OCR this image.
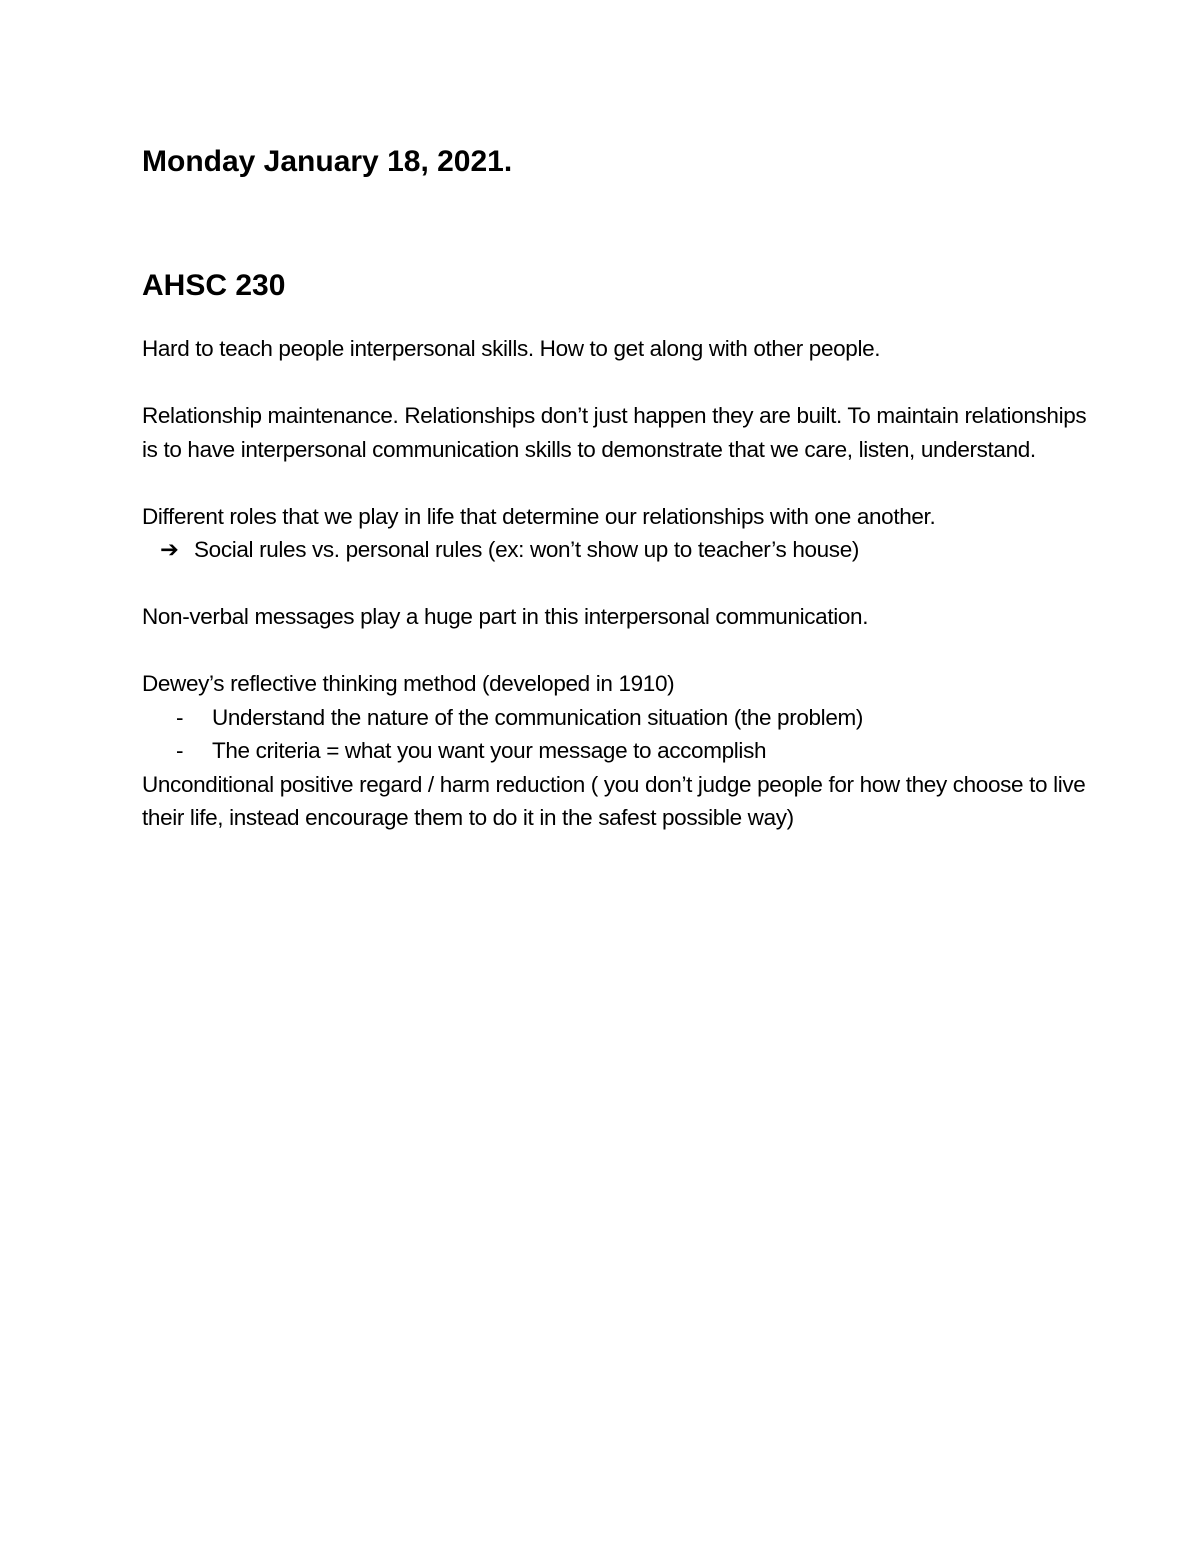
Monday January 18, 2021.
AHSC 230

Hard to teach people interpersonal skills. How to get along with other people.

Relationship maintenance. Relationships don’t just happen they are built. To maintain relationships is to have interpersonal communication skills to demonstrate that we care, listen, understand.

Different roles that we play in life that determine our relationships with one another.

➔ Social rules vs. personal rules (ex: won’t show up to teacher’s house)

Non-verbal messages play a huge part in this interpersonal communication.

Dewey’s reflective thinking method (developed in 1910)

-	Understand the nature of the communication situation (the problem)
-	The criteria = what you want your message to accomplish

Unconditional positive regard / harm reduction ( you don’t judge people for how they choose to live their life, instead encourage them to do it in the safest possible way)
